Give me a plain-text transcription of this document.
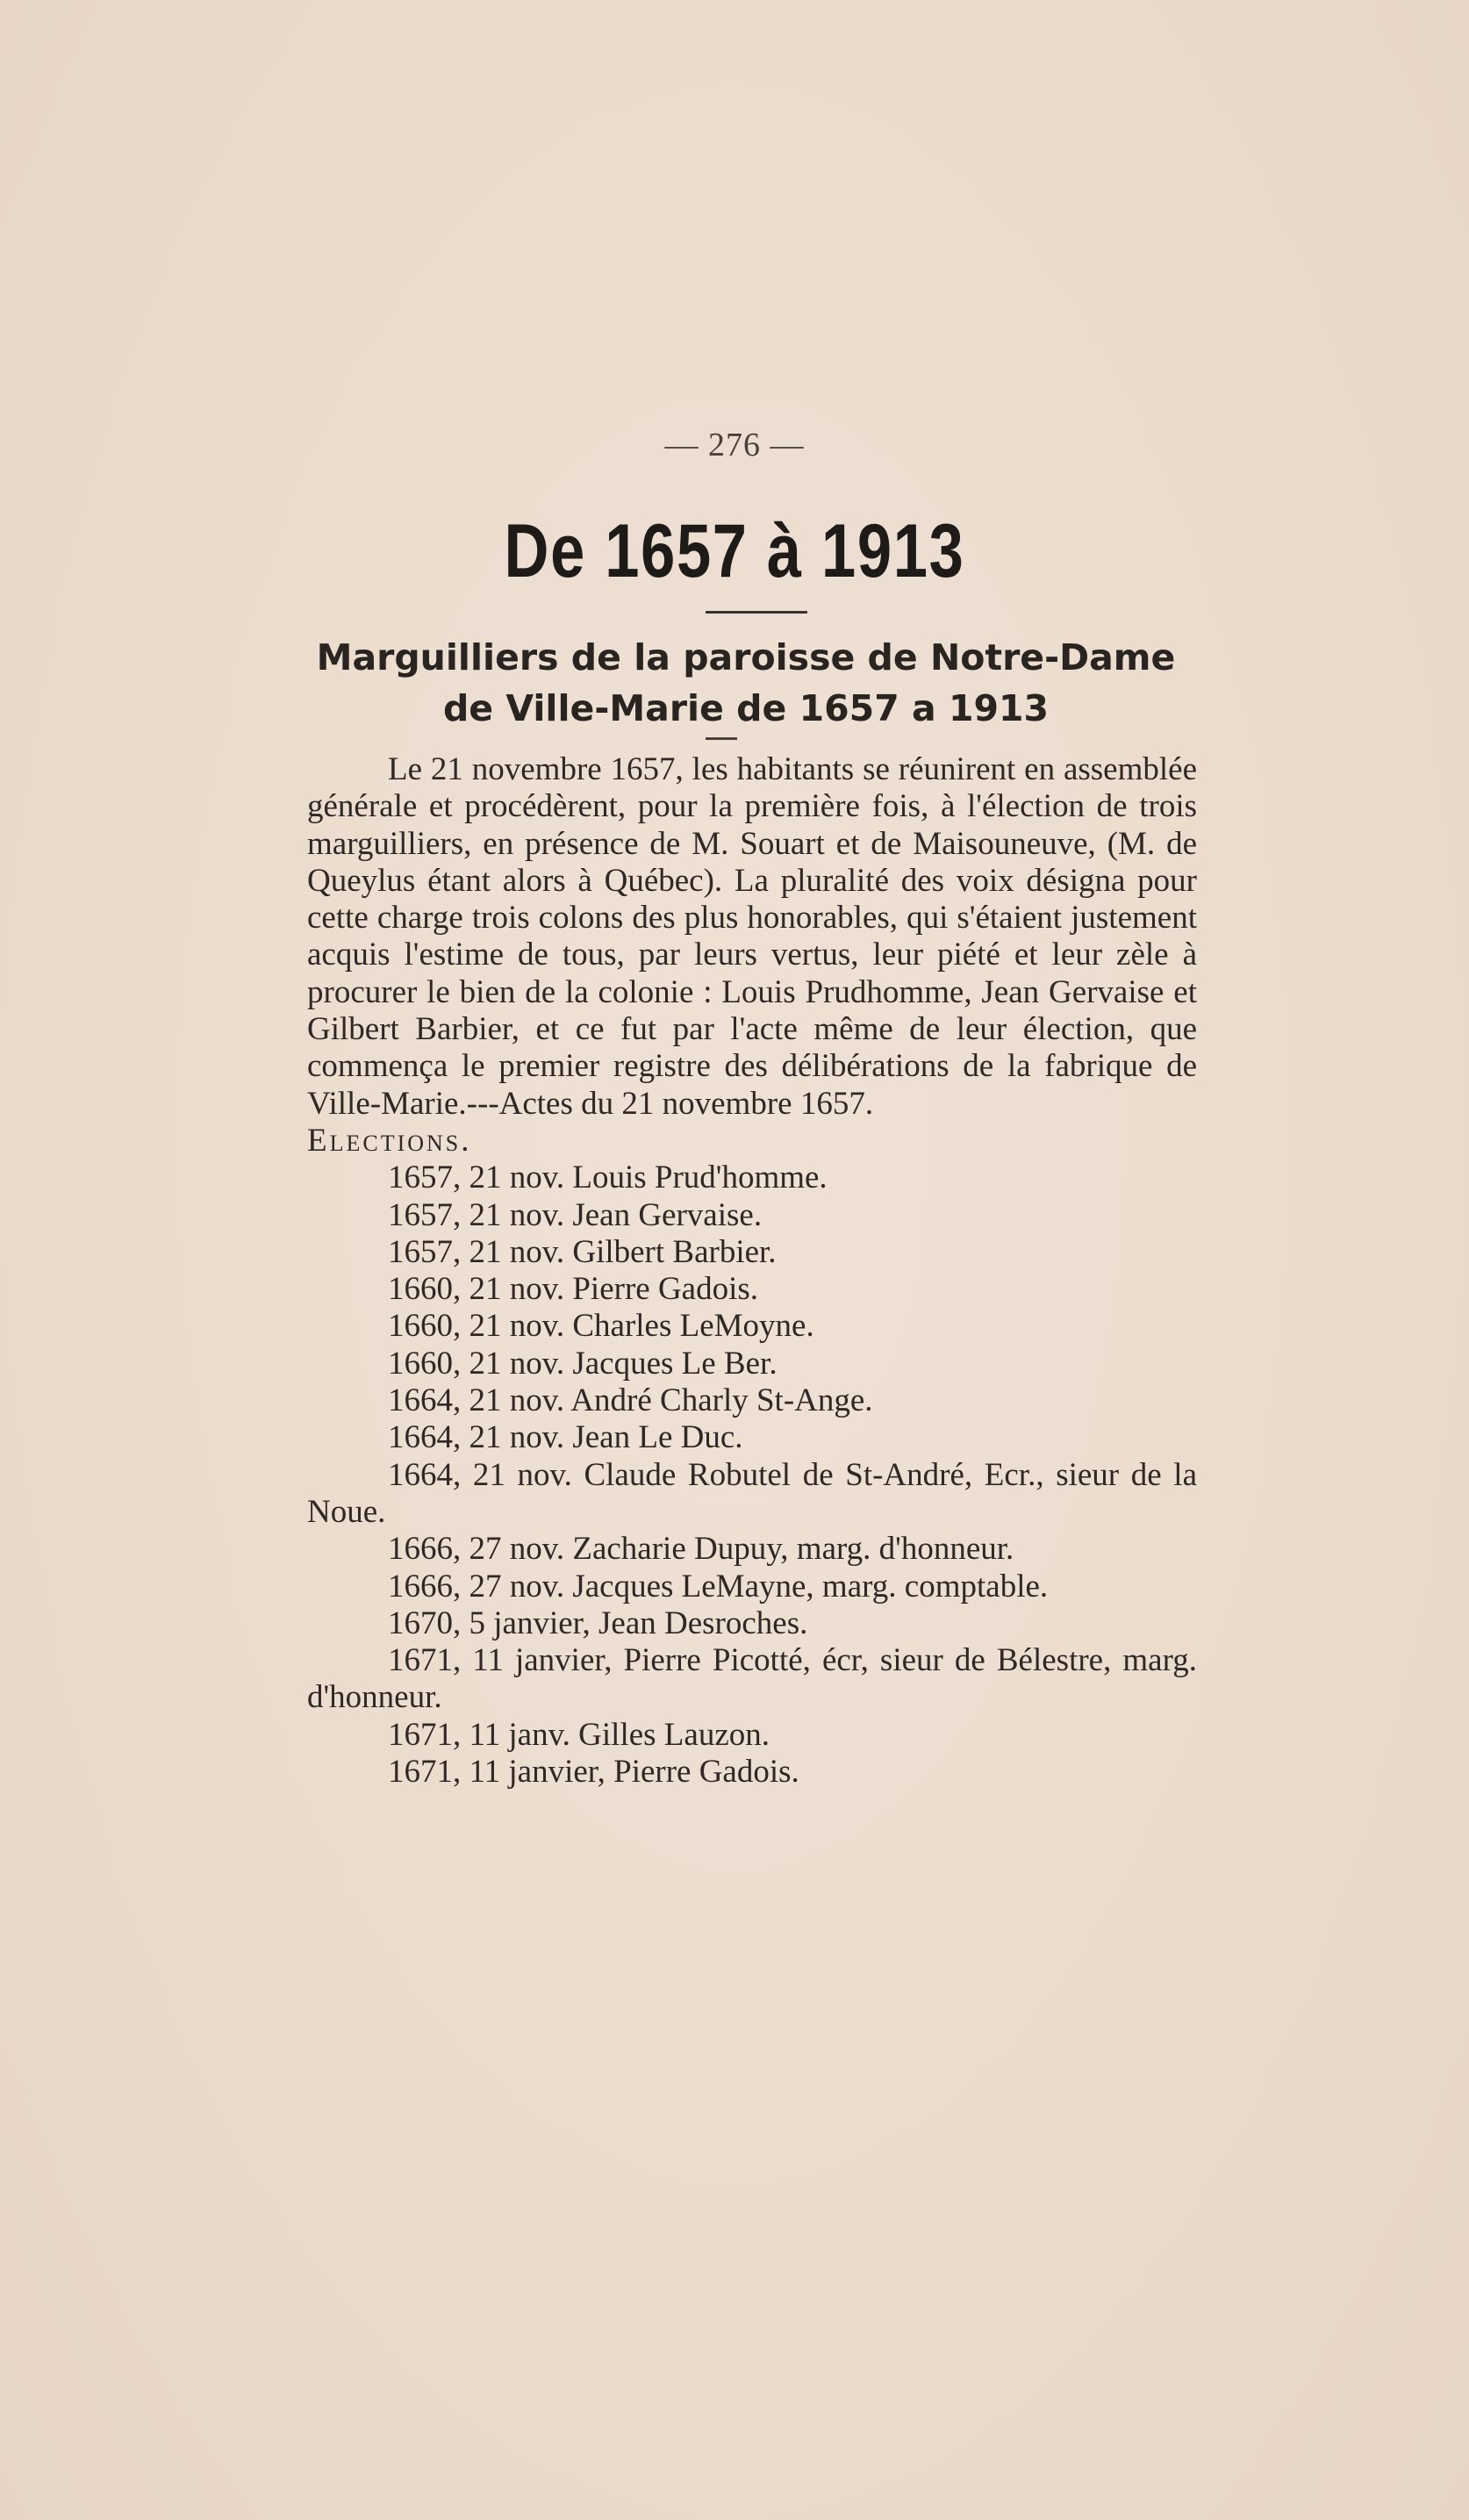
— 276 —
De 1657 à 1913
Marguilliers de la paroisse de Notre-Dame
de Ville-Marie de 1657 a 1913

Le 21 novembre 1657, les habitants se réunirent en assemblée générale et procédèrent, pour la première fois, à l'élection de trois marguilliers, en présence de M. Souart et de Maisouneuve, (M. de Queylus étant alors à Québec). La pluralité des voix désigna pour cette charge trois colons des plus honorables, qui s'étaient justement acquis l'estime de tous, par leurs vertus, leur piété et leur zèle à procurer le bien de la colonie : Louis Prudhomme, Jean Gervaise et Gilbert Barbier, et ce fut par l'acte même de leur élection, que commença le premier registre des délibérations de la fabrique de Ville-Marie.---Actes du 21 novembre 1657.

Elections.

1657, 21 nov. Louis Prud'homme.

1657, 21 nov. Jean Gervaise.

1657, 21 nov. Gilbert Barbier.

1660, 21 nov. Pierre Gadois.

1660, 21 nov. Charles LeMoyne.

1660, 21 nov. Jacques Le Ber.

1664, 21 nov. André Charly St-Ange.

1664, 21 nov. Jean Le Duc.

1664, 21 nov. Claude Robutel de St-André, Ecr., sieur de la Noue.

1666, 27 nov. Zacharie Dupuy, marg. d'honneur.

1666, 27 nov. Jacques LeMayne, marg. comptable.

1670, 5 janvier, Jean Desroches.

1671, 11 janvier, Pierre Picotté, écr, sieur de Bélestre, marg. d'honneur.

1671, 11 janv. Gilles Lauzon.

1671, 11 janvier, Pierre Gadois.
